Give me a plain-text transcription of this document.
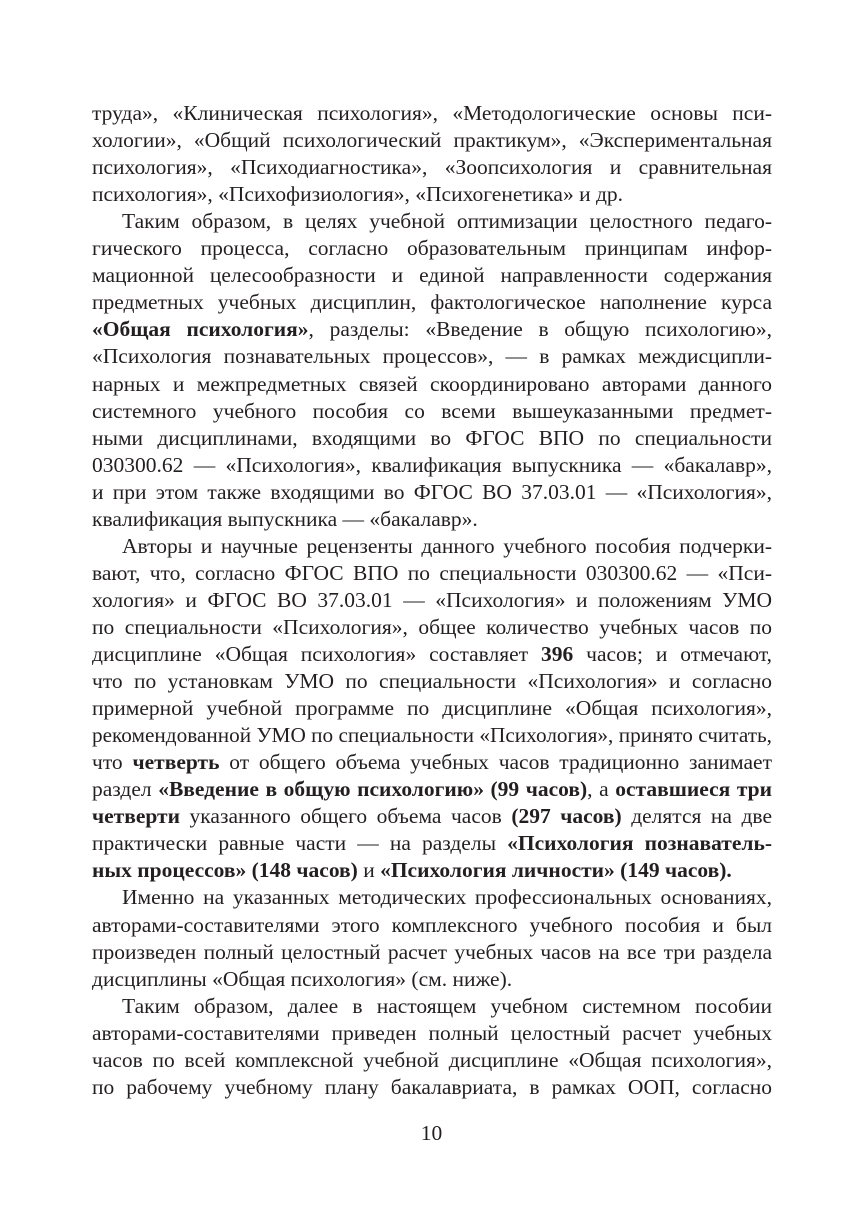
труда», «Клиническая психология», «Методологические основы пси-
хологии», «Общий психологический практикум», «Экспериментальная
психология», «Психодиагностика», «Зоопсихология и сравнительная
психология», «Психофизиология», «Психогенетика» и др.
Таким образом, в целях учебной оптимизации целостного педаго-
гического процесса, согласно образовательным принципам инфор-
мационной целесообразности и единой направленности содержания
предметных учебных дисциплин, фактологическое наполнение курса
«Общая психология», разделы: «Введение в общую психологию»,
«Психология познавательных процессов», — в рамках междисципли-
нарных и межпредметных связей скоординировано авторами данного
системного учебного пособия со всеми вышеуказанными предмет-
ными дисциплинами, входящими во ФГОС ВПО по специальности
030300.62 — «Психология», квалификация выпускника — «бакалавр»,
и при этом также входящими во ФГОС ВО 37.03.01 — «Психология»,
квалификация выпускника — «бакалавр».
Авторы и научные рецензенты данного учебного пособия подчерки-
вают, что, согласно ФГОС ВПО по специальности 030300.62 — «Пси-
хология» и ФГОС ВО 37.03.01 — «Психология» и положениям УМО
по специальности «Психология», общее количество учебных часов по
дисциплине «Общая психология» составляет 396 часов; и отмечают,
что по установкам УМО по специальности «Психология» и согласно
примерной учебной программе по дисциплине «Общая психология»,
рекомендованной УМО по специальности «Психология», принято считать,
что четверть от общего объема учебных часов традиционно занимает
раздел «Введение в общую психологию» (99 часов), а оставшиеся три
четверти указанного общего объема часов (297 часов) делятся на две
практически равные части — на разделы «Психология познаватель-
ных процессов» (148 часов) и «Психология личности» (149 часов).
Именно на указанных методических профессиональных основаниях,
авторами-составителями этого комплексного учебного пособия и был
произведен полный целостный расчет учебных часов на все три раздела
дисциплины «Общая психология» (см. ниже).
Таким образом, далее в настоящем учебном системном пособии
авторами-составителями приведен полный целостный расчет учебных
часов по всей комплексной учебной дисциплине «Общая психология»,
по рабочему учебному плану бакалавриата, в рамках ООП, согласно
10
